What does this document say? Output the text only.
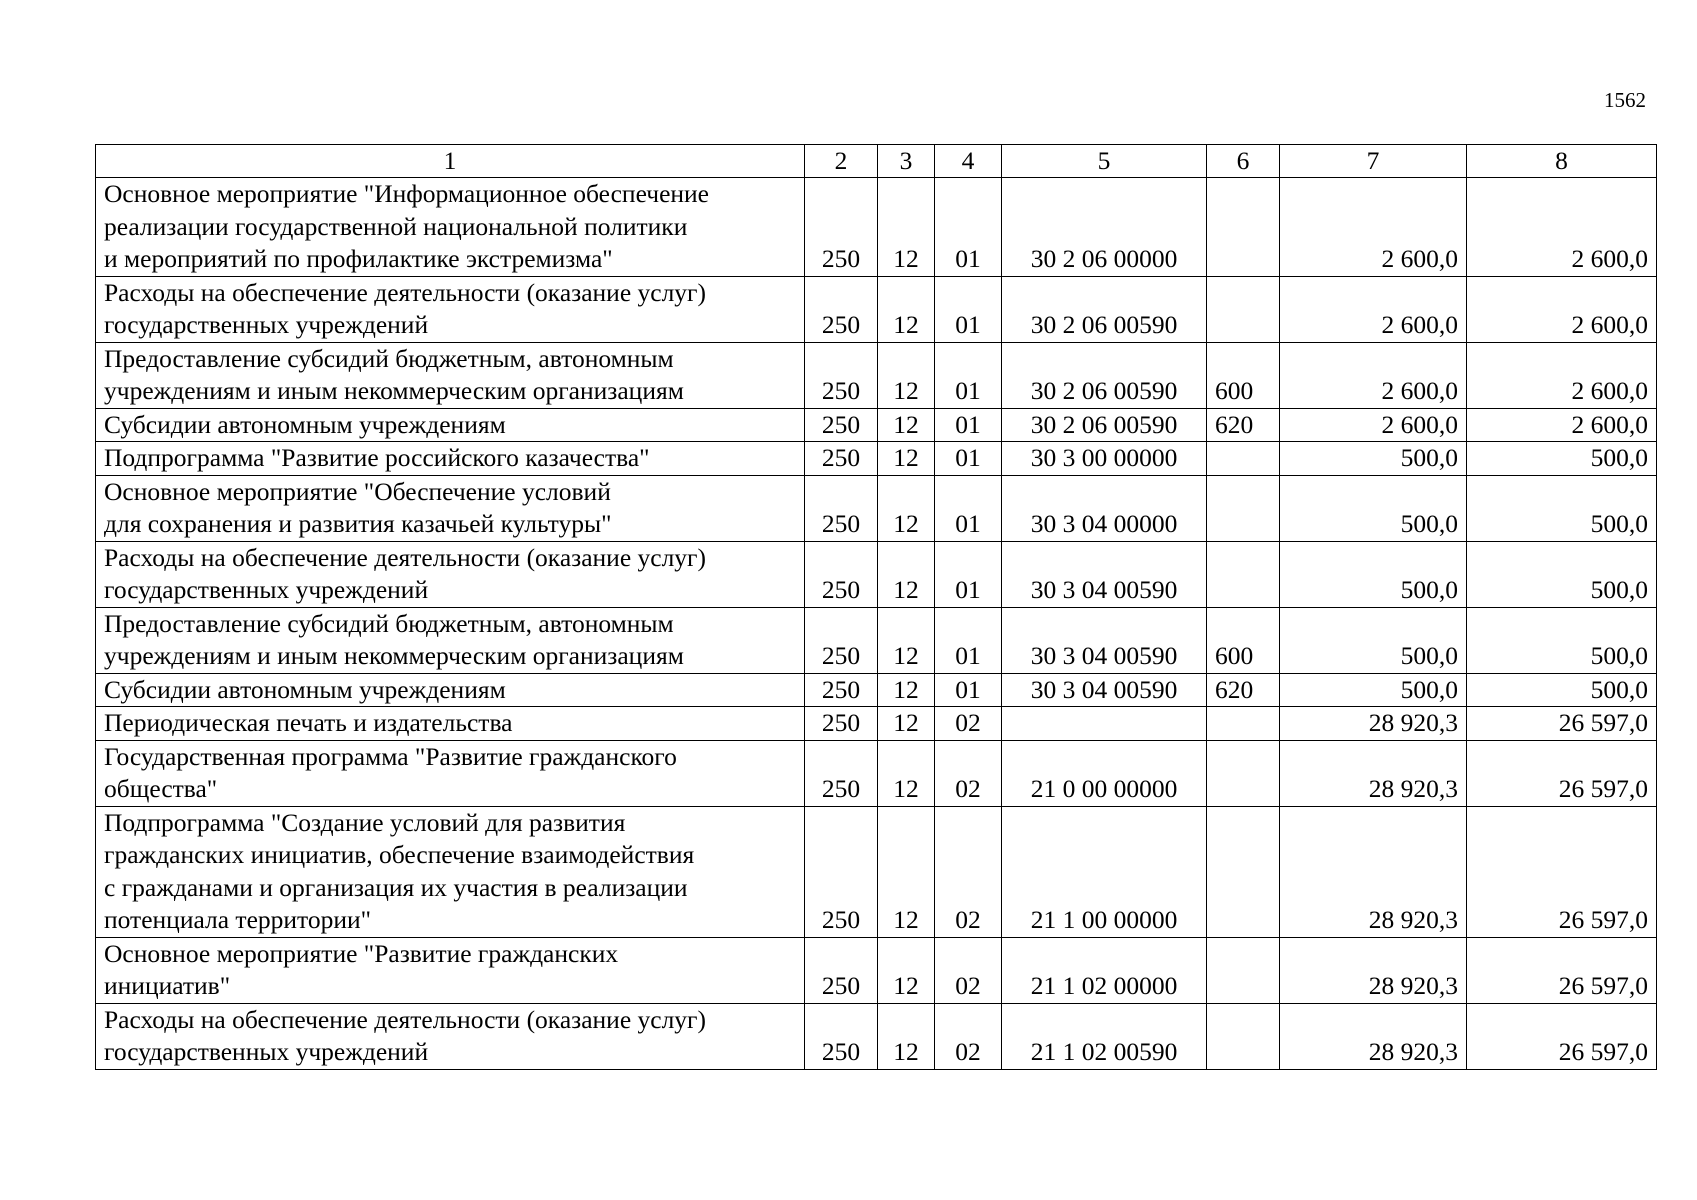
1562
1	2	3	4	5	6	7	8

Основное мероприятие "Информационное обеспечение
реализации государственной национальной политики
и мероприятий по профилактике экстремизма"	250	12	01	30 2 06 00000		2 600,0	2 600,0

Расходы на обеспечение деятельности (оказание услуг)
государственных учреждений	250	12	01	30 2 06 00590		2 600,0	2 600,0

Предоставление субсидий бюджетным, автономным
учреждениям и иным некоммерческим организациям	250	12	01	30 2 06 00590	600	2 600,0	2 600,0

Субсидии автономным учреждениям	250	12	01	30 2 06 00590	620	2 600,0	2 600,0

Подпрограмма "Развитие российского казачества"	250	12	01	30 3 00 00000		500,0	500,0

Основное мероприятие "Обеспечение условий
для сохранения и развития казачьей культуры"	250	12	01	30 3 04 00000		500,0	500,0

Расходы на обеспечение деятельности (оказание услуг)
государственных учреждений	250	12	01	30 3 04 00590		500,0	500,0

Предоставление субсидий бюджетным, автономным
учреждениям и иным некоммерческим организациям	250	12	01	30 3 04 00590	600	500,0	500,0

Субсидии автономным учреждениям	250	12	01	30 3 04 00590	620	500,0	500,0

Периодическая печать и издательства	250	12	02			28 920,3	26 597,0

Государственная программа "Развитие гражданского
общества"	250	12	02	21 0 00 00000		28 920,3	26 597,0

Подпрограмма "Создание условий для развития
гражданских инициатив, обеспечение взаимодействия
с гражданами и организация их участия в реализации
потенциала территории"	250	12	02	21 1 00 00000		28 920,3	26 597,0

Основное мероприятие "Развитие гражданских
инициатив"	250	12	02	21 1 02 00000		28 920,3	26 597,0

Расходы на обеспечение деятельности (оказание услуг)
государственных учреждений	250	12	02	21 1 02 00590		28 920,3	26 597,0
